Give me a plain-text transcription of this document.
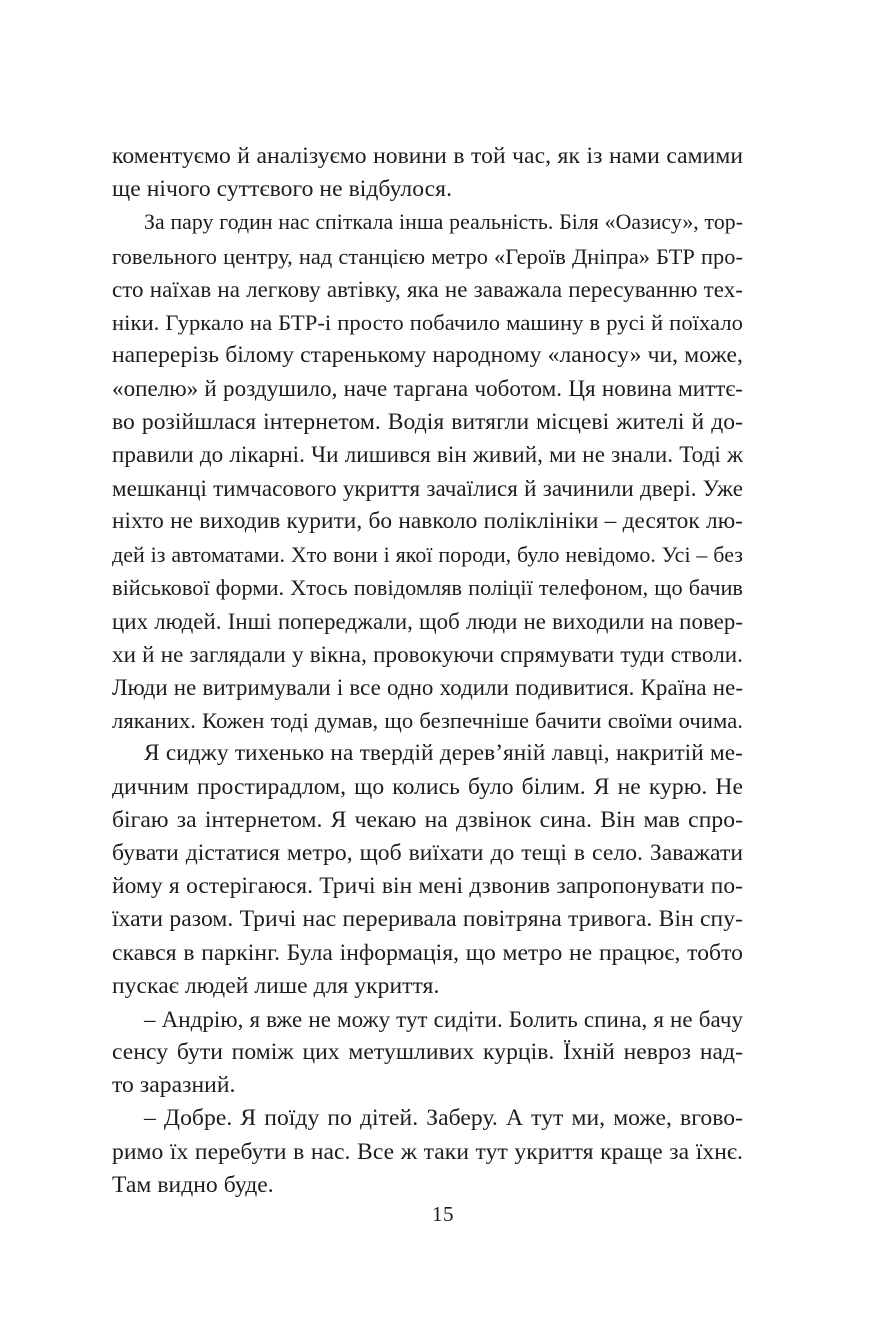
коментуємо й аналізуємо новини в той час, як із нами самими
ще нічого суттєвого не відбулося.
За пару годин нас спіткала інша реальність. Біля «Оазису», тор-
говельного центру, над станцією метро «Героїв Дніпра» БТР про-
сто наїхав на легкову автівку, яка не заважала пересуванню тех-
ніки. Гуркало на БТР-і просто побачило машину в русі й поїхало
наперерізь білому старенькому народному «ланосу» чи, може,
«опелю» й роздушило, наче таргана чоботом. Ця новина миттє-
во розійшлася інтернетом. Водія витягли місцеві жителі й до-
правили до лікарні. Чи лишився він живий, ми не знали. Тоді ж
мешканці тимчасового укриття зачаїлися й зачинили двері. Уже
ніхто не виходив курити, бо навколо поліклініки – десяток лю-
дей із автоматами. Хто вони і якої породи, було невідомо. Усі – без
військової форми. Хтось повідомляв поліції телефоном, що бачив
цих людей. Інші попереджали, щоб люди не виходили на повер-
хи й не заглядали у вікна, провокуючи спрямувати туди стволи.
Люди не витримували і все одно ходили подивитися. Країна не-
ляканих. Кожен тоді думав, що безпечніше бачити своїми очима.
Я сиджу тихенько на твердій дерев’яній лавці, накритій ме-
дичним простирадлом, що колись було білим. Я не курю. Не
бігаю за інтернетом. Я чекаю на дзвінок сина. Він мав спро-
бувати дістатися метро, щоб виїхати до тещі в село. Заважати
йому я остерігаюся. Тричі він мені дзвонив запропонувати по-
їхати разом. Тричі нас переривала повітряна тривога. Він спу-
скався в паркінг. Була інформація, що метро не працює, тобто
пускає людей лише для укриття.
– Андрію, я вже не можу тут сидіти. Болить спина, я не бачу
сенсу бути поміж цих метушливих курців. Їхній невроз над-
то заразний.
– Добре. Я поїду по дітей. Заберу. А тут ми, може, вгово-
римо їх перебути в нас. Все ж таки тут укриття краще за їхнє.
Там видно буде.
15
